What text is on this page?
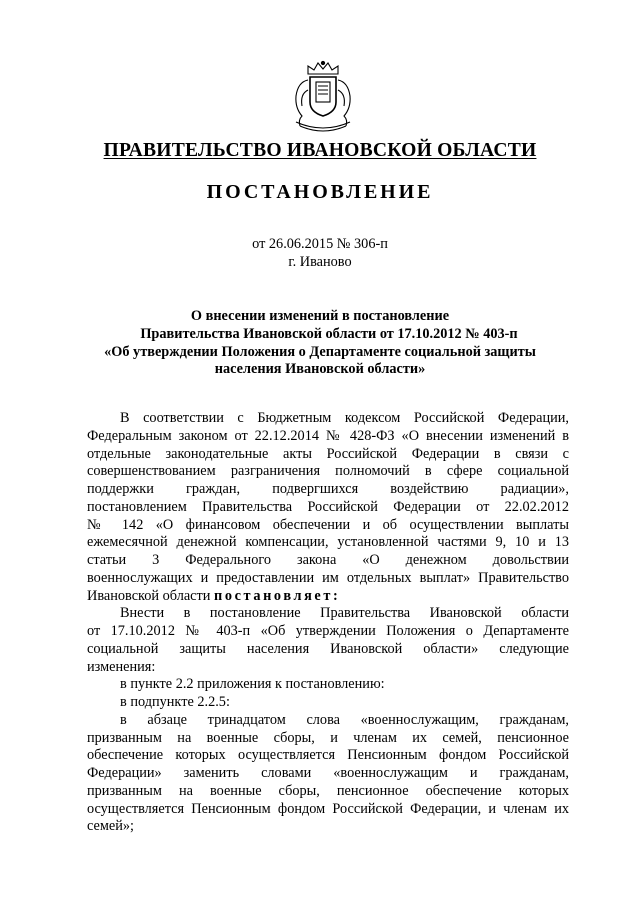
ПРАВИТЕЛЬСТВО ИВАНОВСКОЙ ОБЛАСТИ
ПОСТАНОВЛЕНИЕ
от 26.06.2015 № 306-п
г. Иваново
О внесении изменений в постановление
Правительства Ивановской области от 17.10.2012 № 403-п
«Об утверждении Положения о Департаменте социальной защиты
населения Ивановской области»
В соответствии с Бюджетным кодексом Российской Федерации,
Федеральным законом от 22.12.2014 № 428-ФЗ «О внесении изменений в
отдельные законодательные акты Российской Федерации в связи с
совершенствованием разграничения полномочий в сфере социальной
поддержки граждан, подвергшихся воздействию радиации»,
постановлением Правительства Российской Федерации от 22.02.2012
№ 142 «О финансовом обеспечении и об осуществлении выплаты
ежемесячной денежной компенсации, установленной частями 9, 10 и 13
статьи 3 Федерального закона «О денежном довольствии
военнослужащих и предоставлении им отдельных выплат» Правительство
Ивановской области постановляет:
Внести в постановление Правительства Ивановской области
от 17.10.2012 № 403-п «Об утверждении Положения о Департаменте
социальной защиты населения Ивановской области» следующие
изменения:
в пункте 2.2 приложения к постановлению:
в подпункте 2.2.5:
в абзаце тринадцатом слова «военнослужащим, гражданам,
призванным на военные сборы, и членам их семей, пенсионное
обеспечение которых осуществляется Пенсионным фондом Российской
Федерации» заменить словами «военнослужащим и гражданам,
призванным на военные сборы, пенсионное обеспечение которых
осуществляется Пенсионным фондом Российской Федерации, и членам их
семей»;
